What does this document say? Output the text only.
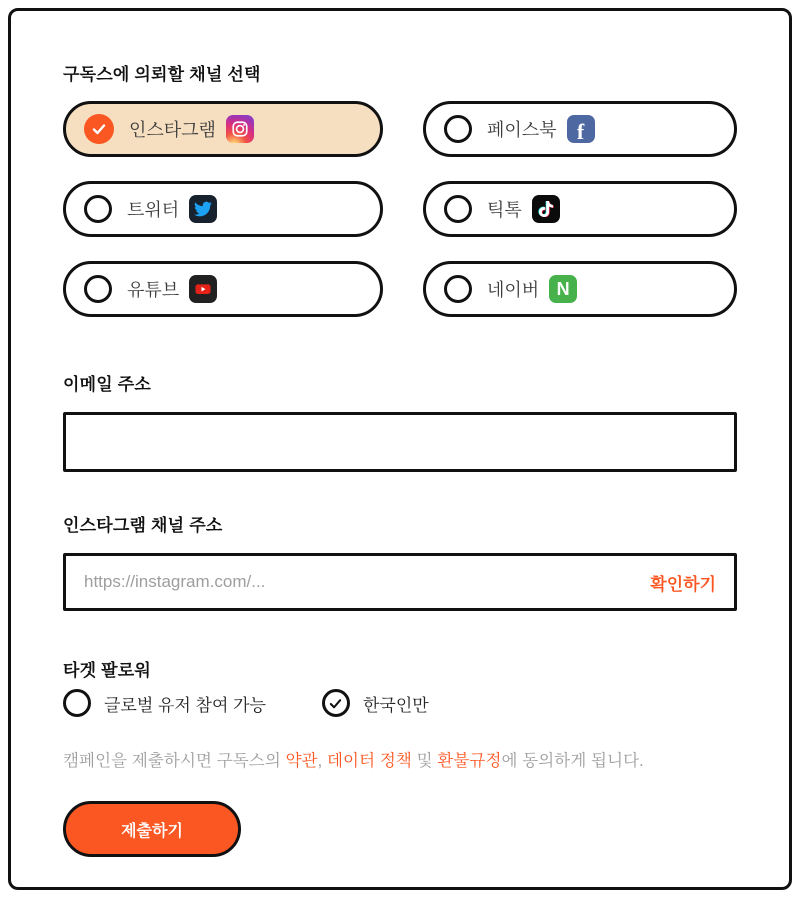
구독스에 의뢰할 채널 선택
인스타그램	페이스북 f
트위터	틱톡
유튜브	네이버 N
이메일 주소
인스타그램 채널 주소
https://instagram.com/...
확인하기
타겟 팔로워
글로벌 유저 참여 가능	한국인만
캠페인을 제출하시면 구독스의 약관, 데이터 정책 및 환불규정에 동의하게 됩니다.
제출하기
